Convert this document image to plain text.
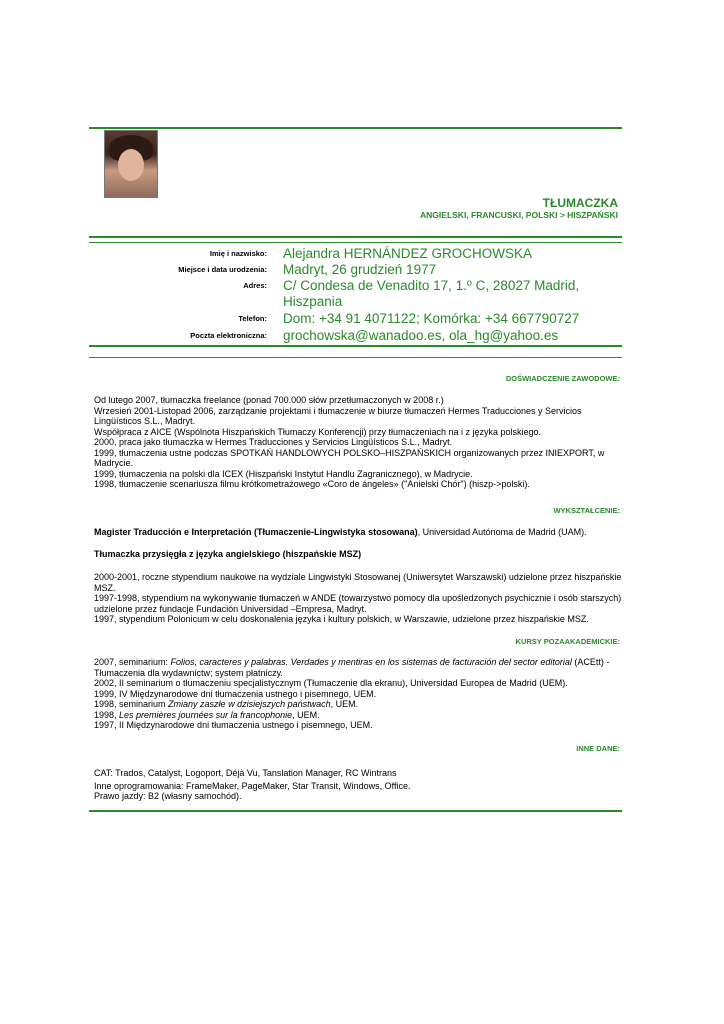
TŁUMACZKA
ANGIELSKI, FRANCUSKI, POLSKI > HISZPAŃSKI
Imię i nazwisko: Alejandra HERNÁNDEZ GROCHOWSKA
Miejsce i data urodzenia: Madryt, 26 grudzień 1977
Adres: C/ Condesa de Venadito 17, 1.º C, 28027 Madrid, Hiszpania
Telefon: Dom: +34 91 4071122; Komórka: +34 667790727
Poczta elektroniczna: grochowska@wanadoo.es, ola_hg@yahoo.es
DOŚWIADCZENIE ZAWODOWE:

Od lutego 2007, tłumaczka freelance (ponad 700.000 słów przetłumaczonych w 2008 r.)

Wrzesień 2001-Listopad 2006, zarządzanie projektami i tłumaczenie w biurze tłumaczeń Hermes Traducciones y Servicios Lingüísticos S.L., Madryt.

Współpraca z AICE (Wspólnota Hiszpańskich Tłumaczy Konferencji) przy tłumaczeniach na i z języka polskiego.

2000, praca jako tłumaczka w Hermes Traducciones y Servicios Lingüísticos S.L., Madryt.

1999, tłumaczenia ustne podczas SPOTKAŃ HANDLOWYCH POLSKO–HISZPAŃSKICH organizowanych przez INIEXPORT, w Madrycie.

1999, tłumaczenia na polski dla ICEX (Hiszpański Instytut Handlu Zagranicznego), w Madrycie.

1998, tłumaczenie scenariusza filmu krótkometrażowego «Coro de ángeles» ("Anielski Chór") (hiszp->polski).

WYKSZTAŁCENIE:

Magister Traducción e Interpretación (Tłumaczenie-Lingwistyka stosowana), Universidad Autónoma de Madrid (UAM).

Tłumaczka przysięgła z języka angielskiego (hiszpańskie MSZ)

2000-2001, roczne stypendium naukowe na wydziale Lingwistyki Stosowanej (Uniwersytet Warszawski) udzielone przez hiszpańskie MSZ.

1997-1998, stypendium na wykonywanie tłumaczeń w ANDE (towarzystwo pomocy dla upośledzonych psychicznie i osób starszych) udzielone przez fundacje Fundación Universidad –Empresa, Madryt.

1997, stypendium Polonicum w celu doskonalenia języka i kultury polskich, w Warszawie, udzielone przez hiszpańskie MSZ.

KURSY POZAAKADEMICKIE:

2007, seminarium: Folios, caracteres y palabras. Verdades y mentiras en los sistemas de facturación del sector editorial (ACEtt) - Tłumaczenia dla wydawnictw; system płatniczy.

2002, II seminarium o tłumaczeniu specjalistycznym (Tłumaczenie dla ekranu), Universidad Europea de Madrid (UEM).

1999, IV Międzynarodowe dni tłumaczenia ustnego i pisemnego, UEM.

1998, seminarium Zmiany zaszłe w dzisiejszych państwach, UEM.

1998, Les premières journées sur la francophonie, UEM.

1997, II Międzynarodowe dni tłumaczenia ustnego i pisemnego, UEM.

INNE DANE:

CAT: Trados, Catalyst, Logoport, Déjà Vu, Tanslation Manager, RC Wintrans

Inne oprogramowania: FrameMaker, PageMaker, Star Transit, Windows, Office.

Prawo jazdy: B2 (własny samochód).
